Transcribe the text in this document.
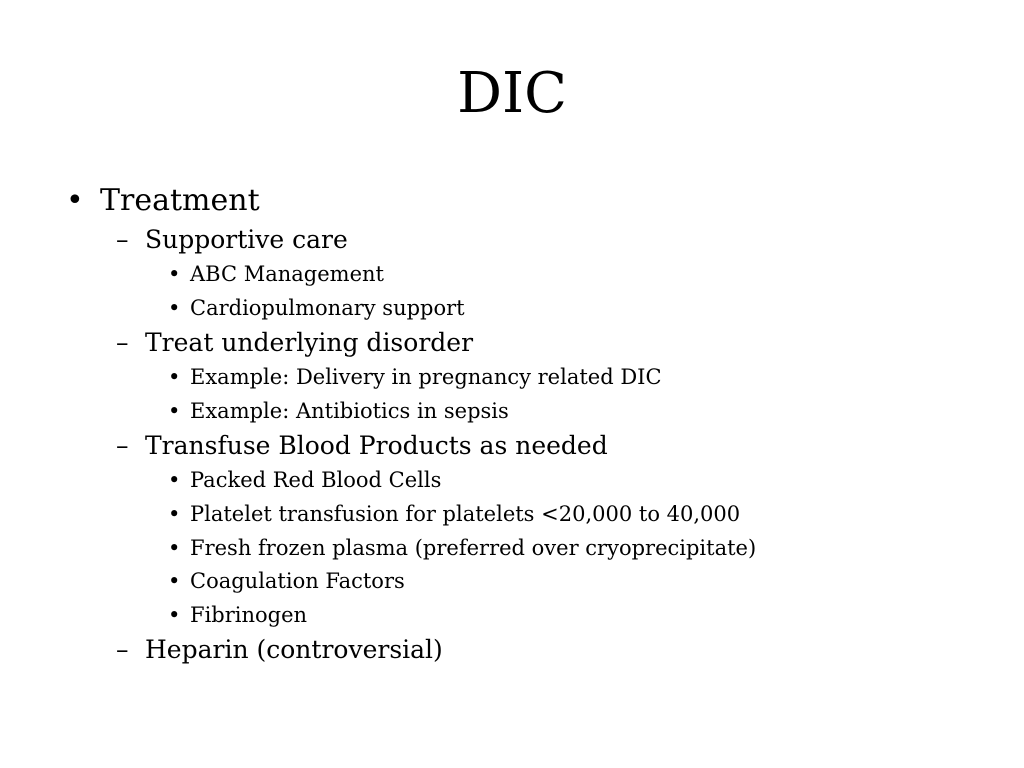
DIC
• Treatment
– Supportive care
• ABC Management
• Cardiopulmonary support
– Treat underlying disorder
• Example: Delivery in pregnancy related DIC
• Example: Antibiotics in sepsis
– Transfuse Blood Products as needed
• Packed Red Blood Cells
• Platelet transfusion for platelets <20,000 to 40,000
• Fresh frozen plasma (preferred over cryoprecipitate)
• Coagulation Factors
• Fibrinogen
– Heparin (controversial)
